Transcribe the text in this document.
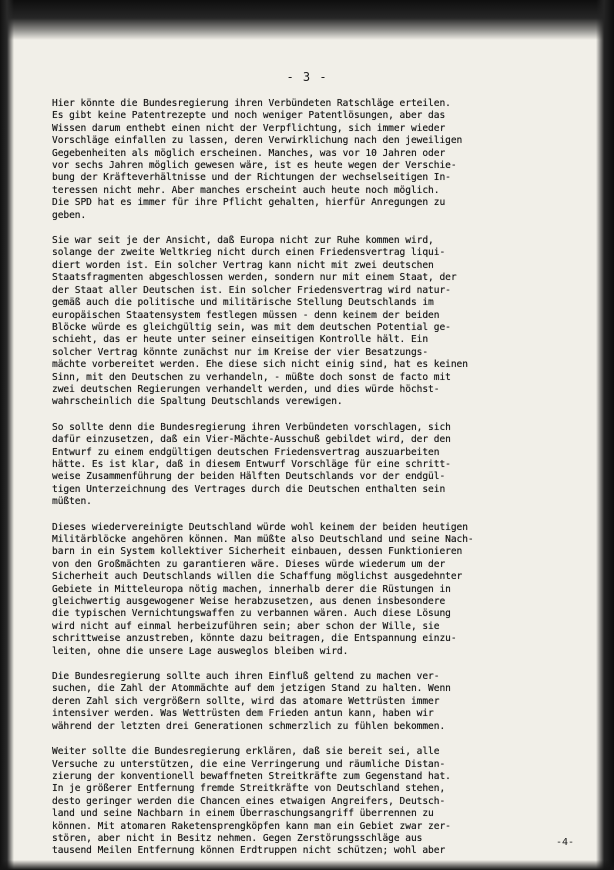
- 3 -
Hier könnte die Bundesregierung ihren Verbündeten Ratschläge erteilen.
Es gibt keine Patentrezepte und noch weniger Patentlösungen, aber das
Wissen darum enthebt einen nicht der Verpflichtung, sich immer wieder
Vorschläge einfallen zu lassen, deren Verwirklichung nach den jeweiligen
Gegebenheiten als möglich erscheinen. Manches, was vor 10 Jahren oder
vor sechs Jahren möglich gewesen wäre, ist es heute wegen der Verschie-
bung der Kräfteverhältnisse und der Richtungen der wechselseitigen In-
teressen nicht mehr. Aber manches erscheint auch heute noch möglich.
Die SPD hat es immer für ihre Pflicht gehalten, hierfür Anregungen zu
geben.
Sie war seit je der Ansicht, daß Europa nicht zur Ruhe kommen wird,
solange der zweite Weltkrieg nicht durch einen Friedensvertrag liqui-
diert worden ist. Ein solcher Vertrag kann nicht mit zwei deutschen
Staatsfragmenten abgeschlossen werden, sondern nur mit einem Staat, der
der Staat aller Deutschen ist. Ein solcher Friedensvertrag wird natur-
gemäß auch die politische und militärische Stellung Deutschlands im
europäischen Staatensystem festlegen müssen - denn keinem der beiden
Blöcke würde es gleichgültig sein, was mit dem deutschen Potential ge-
schieht, das er heute unter seiner einseitigen Kontrolle hält. Ein
solcher Vertrag könnte zunächst nur im Kreise der vier Besatzungs-
mächte vorbereitet werden. Ehe diese sich nicht einig sind, hat es keinen
Sinn, mit den Deutschen zu verhandeln, - müßte doch sonst de facto mit
zwei deutschen Regierungen verhandelt werden, und dies würde höchst-
wahrscheinlich die Spaltung Deutschlands verewigen.
So sollte denn die Bundesregierung ihren Verbündeten vorschlagen, sich
dafür einzusetzen, daß ein Vier-Mächte-Ausschuß gebildet wird, der den
Entwurf zu einem endgültigen deutschen Friedensvertrag auszuarbeiten
hätte. Es ist klar, daß in diesem Entwurf Vorschläge für eine schritt-
weise Zusammenführung der beiden Hälften Deutschlands vor der endgül-
tigen Unterzeichnung des Vertrages durch die Deutschen enthalten sein
müßten.
Dieses wiedervereinigte Deutschland würde wohl keinem der beiden heutigen
Militärblöcke angehören können. Man müßte also Deutschland und seine Nach-
barn in ein System kollektiver Sicherheit einbauen, dessen Funktionieren
von den Großmächten zu garantieren wäre. Dieses würde wiederum um der
Sicherheit auch Deutschlands willen die Schaffung möglichst ausgedehnter
Gebiete in Mitteleuropa nötig machen, innerhalb derer die Rüstungen in
gleichwertig ausgewogener Weise herabzusetzen, aus denen insbesondere
die typischen Vernichtungswaffen zu verbannen wären. Auch diese Lösung
wird nicht auf einmal herbeizuführen sein; aber schon der Wille, sie
schrittweise anzustreben, könnte dazu beitragen, die Entspannung einzu-
leiten, ohne die unsere Lage ausweglos bleiben wird.
Die Bundesregierung sollte auch ihren Einfluß geltend zu machen ver-
suchen, die Zahl der Atommächte auf dem jetzigen Stand zu halten. Wenn
deren Zahl sich vergrößern sollte, wird das atomare Wettrüsten immer
intensiver werden. Was Wettrüsten dem Frieden antun kann, haben wir
während der letzten drei Generationen schmerzlich zu fühlen bekommen.
Weiter sollte die Bundesregierung erklären, daß sie bereit sei, alle
Versuche zu unterstützen, die eine Verringerung und räumliche Distan-
zierung der konventionell bewaffneten Streitkräfte zum Gegenstand hat.
In je größerer Entfernung fremde Streitkräfte von Deutschland stehen,
desto geringer werden die Chancen eines etwaigen Angreifers, Deutsch-
land und seine Nachbarn in einem Überraschungsangriff überrennen zu
können. Mit atomaren Raketensprengköpfen kann man ein Gebiet zwar zer-
stören, aber nicht in Besitz nehmen. Gegen Zerstörungsschläge aus
tausend Meilen Entfernung können Erdtruppen nicht schützen; wohl aber
-4-
